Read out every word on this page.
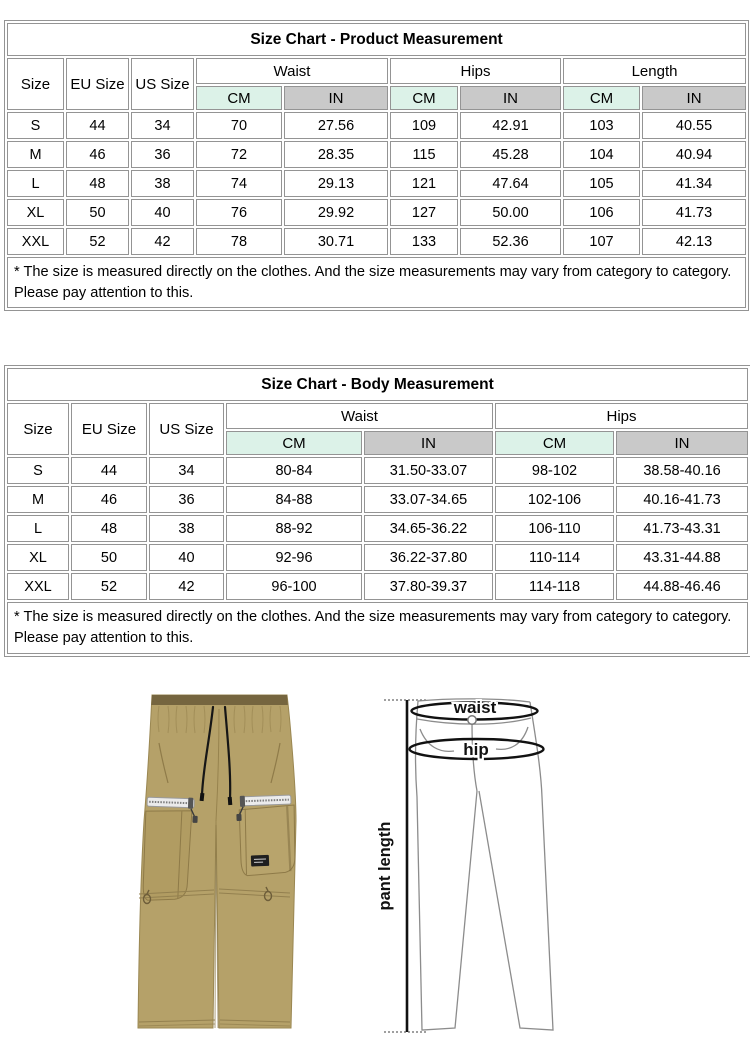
Size Chart - Product Measurement								
Size	EU Size	US Size	Waist		Hips		Length	
			CM	IN	CM	IN	CM	IN
S	44	34	70	27.56	109	42.91	103	40.55
M	46	36	72	28.35	115	45.28	104	40.94
L	48	38	74	29.13	121	47.64	105	41.34
XL	50	40	76	29.92	127	50.00	106	41.73
XXL	52	42	78	30.71	133	52.36	107	42.13
* The size is measured directly on the clothes. And the size measurements may vary from category to category. Please pay attention to this.								
Size Chart - Body Measurement						
Size	EU Size	US Size	Waist		Hips	
			CM	IN	CM	IN
S	44	34	80-84	31.50-33.07	98-102	38.58-40.16
M	46	36	84-88	33.07-34.65	102-106	40.16-41.73
L	48	38	88-92	34.65-36.22	106-110	41.73-43.31
XL	50	40	92-96	36.22-37.80	110-114	43.31-44.88
XXL	52	42	96-100	37.80-39.37	114-118	44.88-46.46
* The size is measured directly on the clothes. And the size measurements may vary from category to category. Please pay attention to this.						
waist
hip
pant length
